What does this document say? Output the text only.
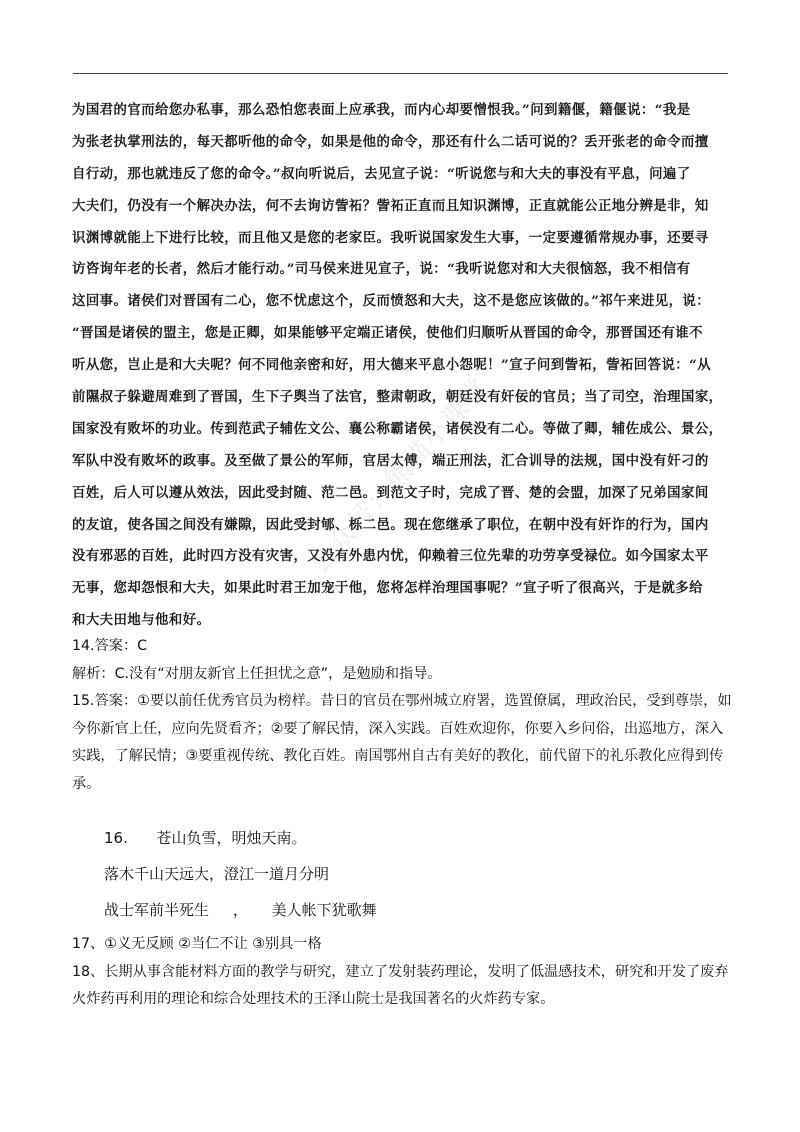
为国君的官而给您办私事，那么恐怕您表面上应承我，而内心却要憎恨我。”问到籍偃，籍偃说：“我是
为张老执掌刑法的，每天都听他的命令，如果是他的命令，那还有什么二话可说的？丢开张老的命令而擅
自行动，那也就违反了您的命令。”叔向听说后，去见宣子说：“听说您与和大夫的事没有平息，问遍了
大夫们，仍没有一个解决办法，何不去询访訾祏？訾祏正直而且知识渊博，正直就能公正地分辨是非，知
识渊博就能上下进行比较，而且他又是您的老家臣。我听说国家发生大事，一定要遵循常规办事，还要寻
访咨询年老的长者，然后才能行动。”司马侯来进见宣子，说：“我听说您对和大夫很恼怒，我不相信有
这回事。诸侯们对晋国有二心，您不忧虑这个，反而愤怒和大夫，这不是您应该做的。”祁午来进见，说：
“晋国是诸侯的盟主，您是正卿，如果能够平定端正诸侯，使他们归顺听从晋国的命令，那晋国还有谁不
听从您，岂止是和大夫呢？何不同他亲密和好，用大德来平息小怨呢！”宣子问到訾祏，訾祏回答说：“从
前隰叔子躲避周难到了晋国，生下子舆当了法官，整肃朝政，朝廷没有奸佞的官员；当了司空，治理国家，
国家没有败坏的功业。传到范武子辅佐文公、襄公称霸诸侯，诸侯没有二心。等做了卿，辅佐成公、景公，
军队中没有败坏的政事。及至做了景公的军师，官居太傅，端正刑法，汇合训导的法规，国中没有奸刁的
百姓，后人可以遵从效法，因此受封随、范二邑。到范文子时，完成了晋、楚的会盟，加深了兄弟国家间
的友谊，使各国之间没有嫌隙，因此受封郇、栎二邑。现在您继承了职位，在朝中没有奸诈的行为，国内
没有邪恶的百姓，此时四方没有灾害，又没有外患内忧，仰赖着三位先辈的功劳享受禄位。如今国家太平
无事，您却怨恨和大夫，如果此时君王加宠于他，您将怎样治理国事呢？”宣子听了很高兴，于是就多给
和大夫田地与他和好。
14.答案：C
解析：C.没有“对朋友新官上任担忧之意”，是勉励和指导。
15.答案：①要以前任优秀官员为榜样。昔日的官员在鄂州城立府署，选置僚属，理政治民，受到尊崇，如
今你新官上任，应向先贤看齐；②要了解民情，深入实践。百姓欢迎你，你要入乡问俗，出巡地方，深入
实践，了解民情；③要重视传统、教化百姓。南国鄂州自古有美好的教化，前代留下的礼乐教化应得到传
承。
16.      苍山负雪，明烛天南。
落木千山天远大，澄江一道月分明
战士军前半死生     ，     美人帐下犹歌舞
17、①义无反顾 ②当仁不让 ③别具一格
18、长期从事含能材料方面的教学与研究，建立了发射装药理论，发明了低温感技术，研究和开发了废弃
火炸药再利用的理论和综合处理技术的王泽山院士是我国著名的火炸药专家。
公众号：熊猫小课堂
